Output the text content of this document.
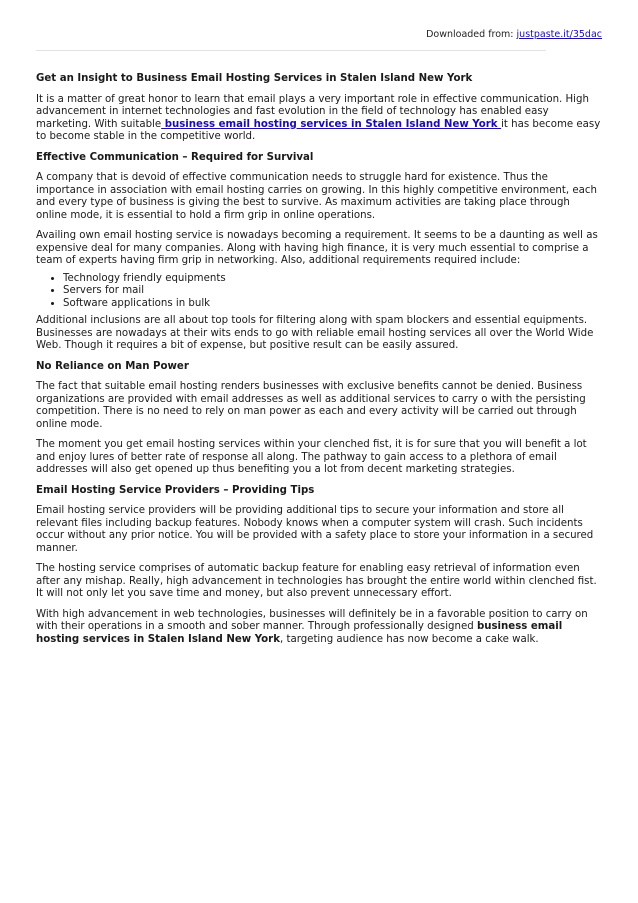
Downloaded from: justpaste.it/35dac
Get an Insight to Business Email Hosting Services in Stalen Island New York

It is a matter of great honor to learn that email plays a very important role in effective communication. High advancement in internet technologies and fast evolution in the field of technology has enabled easy marketing. With suitable business email hosting services in Stalen Island New York it has become easy to become stable in the competitive world.

Effective Communication – Required for Survival

A company that is devoid of effective communication needs to struggle hard for existence. Thus the importance in association with email hosting carries on growing. In this highly competitive environment, each and every type of business is giving the best to survive. As maximum activities are taking place through online mode, it is essential to hold a firm grip in online operations.

Availing own email hosting service is nowadays becoming a requirement. It seems to be a daunting as well as expensive deal for many companies. Along with having high finance, it is very much essential to comprise a team of experts having firm grip in networking. Also, additional requirements required include:

• Technology friendly equipments
• Servers for mail
• Software applications in bulk

Additional inclusions are all about top tools for filtering along with spam blockers and essential equipments. Businesses are nowadays at their wits ends to go with reliable email hosting services all over the World Wide Web. Though it requires a bit of expense, but positive result can be easily assured.

No Reliance on Man Power

The fact that suitable email hosting renders businesses with exclusive benefits cannot be denied. Business organizations are provided with email addresses as well as additional services to carry o with the persisting competition. There is no need to rely on man power as each and every activity will be carried out through online mode.

The moment you get email hosting services within your clenched fist, it is for sure that you will benefit a lot and enjoy lures of better rate of response all along. The pathway to gain access to a plethora of email addresses will also get opened up thus benefiting you a lot from decent marketing strategies.

Email Hosting Service Providers – Providing Tips

Email hosting service providers will be providing additional tips to secure your information and store all relevant files including backup features. Nobody knows when a computer system will crash. Such incidents occur without any prior notice. You will be provided with a safety place to store your information in a secured manner.

The hosting service comprises of automatic backup feature for enabling easy retrieval of information even after any mishap. Really, high advancement in technologies has brought the entire world within clenched fist. It will not only let you save time and money, but also prevent unnecessary effort.

With high advancement in web technologies, businesses will definitely be in a favorable position to carry on with their operations in a smooth and sober manner. Through professionally designed business email hosting services in Stalen Island New York, targeting audience has now become a cake walk.
